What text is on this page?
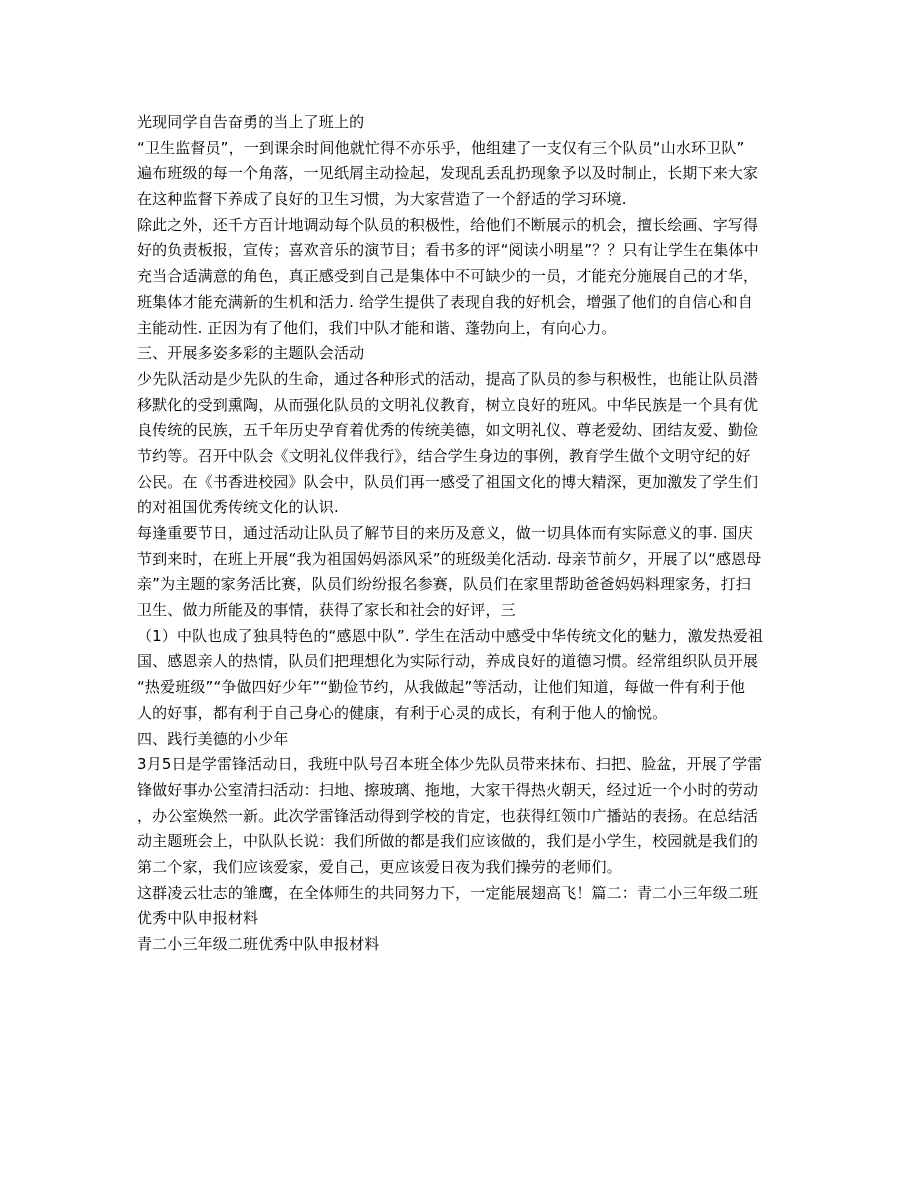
光现同学自告奋勇的当上了班上的
“卫生监督员”，一到课余时间他就忙得不亦乐乎，他组建了一支仅有三个队员“山水环卫队”
遍布班级的每一个角落，一见纸屑主动捡起，发现乱丢乱扔现象予以及时制止，长期下来大家
在这种监督下养成了良好的卫生习惯，为大家营造了一个舒适的学习环境.
除此之外，还千方百计地调动每个队员的积极性，给他们不断展示的机会，擅长绘画、字写得
好的负责板报，宣传；喜欢音乐的演节目；看书多的评“阅读小明星”？？只有让学生在集体中
充当合适满意的角色，真正感受到自己是集体中不可缺少的一员，才能充分施展自己的才华，
班集体才能充满新的生机和活力. 给学生提供了表现自我的好机会，增强了他们的自信心和自
主能动性. 正因为有了他们，我们中队才能和谐、蓬勃向上，有向心力。
三、开展多姿多彩的主题队会活动
少先队活动是少先队的生命，通过各种形式的活动，提高了队员的参与积极性，也能让队员潜
移默化的受到熏陶，从而强化队员的文明礼仪教育，树立良好的班风。中华民族是一个具有优
良传统的民族，五千年历史孕育着优秀的传统美德，如文明礼仪、尊老爱幼、团结友爱、勤俭
节约等。召开中队会《文明礼仪伴我行》，结合学生身边的事例，教育学生做个文明守纪的好
公民。在《书香进校园》队会中，队员们再一感受了祖国文化的博大精深，更加激发了学生们
的对祖国优秀传统文化的认识.
每逢重要节日，通过活动让队员了解节目的来历及意义，做一切具体而有实际意义的事. 国庆
节到来时，在班上开展“我为祖国妈妈添风采”的班级美化活动. 母亲节前夕，开展了以“感恩母
亲”为主题的家务活比赛，队员们纷纷报名参赛，队员们在家里帮助爸爸妈妈料理家务，打扫
卫生、做力所能及的事情，获得了家长和社会的好评，三
（1）中队也成了独具特色的“感恩中队”. 学生在活动中感受中华传统文化的魅力，激发热爱祖
国、感恩亲人的热情，队员们把理想化为实际行动，养成良好的道德习惯。经常组织队员开展
“热爱班级”“争做四好少年”“勤俭节约，从我做起”等活动，让他们知道，每做一件有利于他
人的好事，都有利于自己身心的健康，有利于心灵的成长，有利于他人的愉悦。
四、践行美德的小少年
3月5日是学雷锋活动日，我班中队号召本班全体少先队员带来抹布、扫把、脸盆，开展了学雷
锋做好事办公室清扫活动：扫地、擦玻璃、拖地，大家干得热火朝天，经过近一个小时的劳动
，办公室焕然一新。此次学雷锋活动得到学校的肯定，也获得红领巾广播站的表扬。在总结活
动主题班会上，中队队长说：我们所做的都是我们应该做的，我们是小学生，校园就是我们的
第二个家，我们应该爱家，爱自己，更应该爱日夜为我们操劳的老师们。
这群凌云壮志的雏鹰，在全体师生的共同努力下，一定能展翅高飞！篇二：青二小三年级二班
优秀中队申报材料
青二小三年级二班优秀中队申报材料
